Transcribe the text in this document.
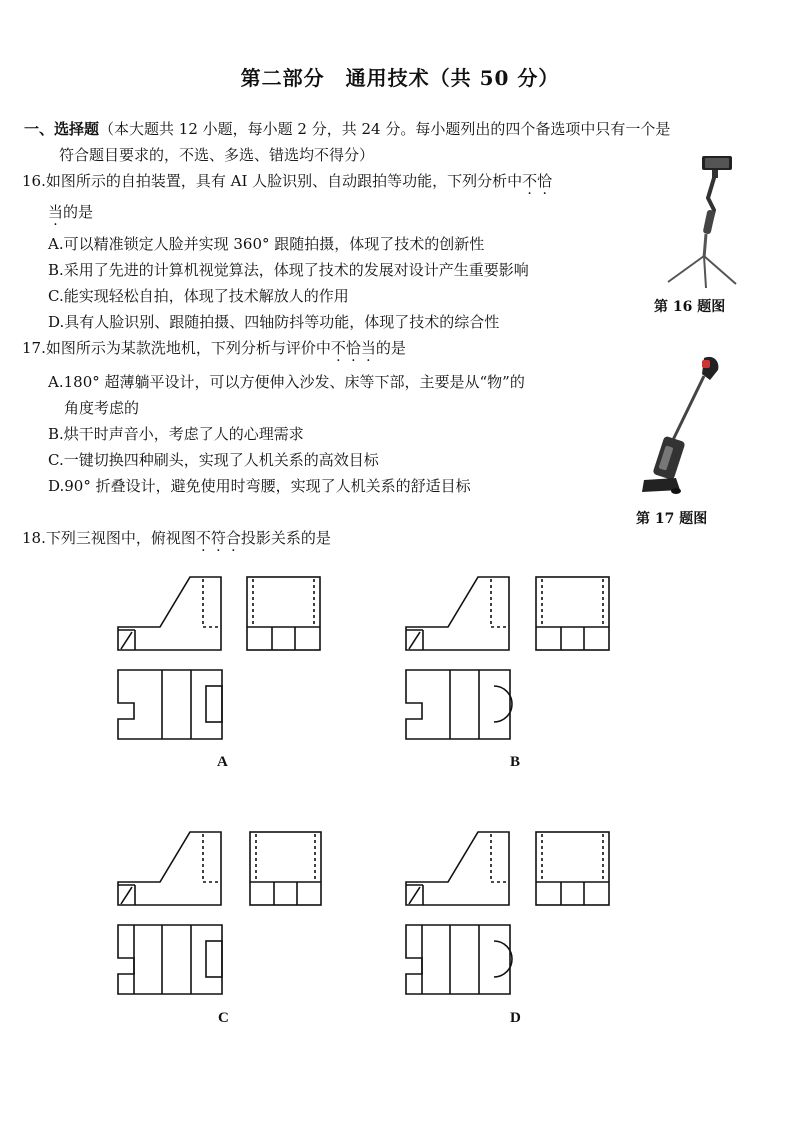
第二部分　通用技术（共 50 分）
一、选择题（本大题共 12 小题，每小题 2 分，共 24 分。每小题列出的四个备选项中只有一个是
符合题目要求的，不选、多选、错选均不得分）
16.如图所示的自拍装置，具有 AI 人脸识别、自动跟拍等功能，下列分析中不恰
当的是
A.可以精准锁定人脸并实现 360° 跟随拍摄，体现了技术的创新性
B.采用了先进的计算机视觉算法，体现了技术的发展对设计产生重要影响
C.能实现轻松自拍，体现了技术解放人的作用
D.具有人脸识别、跟随拍摄、四轴防抖等功能，体现了技术的综合性
第 16 题图
17.如图所示为某款洗地机，下列分析与评价中不恰当的是
A.180° 超薄躺平设计，可以方便伸入沙发、床等下部，主要是从“物”的
角度考虑的
B.烘干时声音小，考虑了人的心理需求
C.一键切换四种刷头，实现了人机关系的高效目标
D.90° 折叠设计，避免使用时弯腰，实现了人机关系的舒适目标
第 17 题图
18.下列三视图中，俯视图不符合投影关系的是
A	B
C	D
